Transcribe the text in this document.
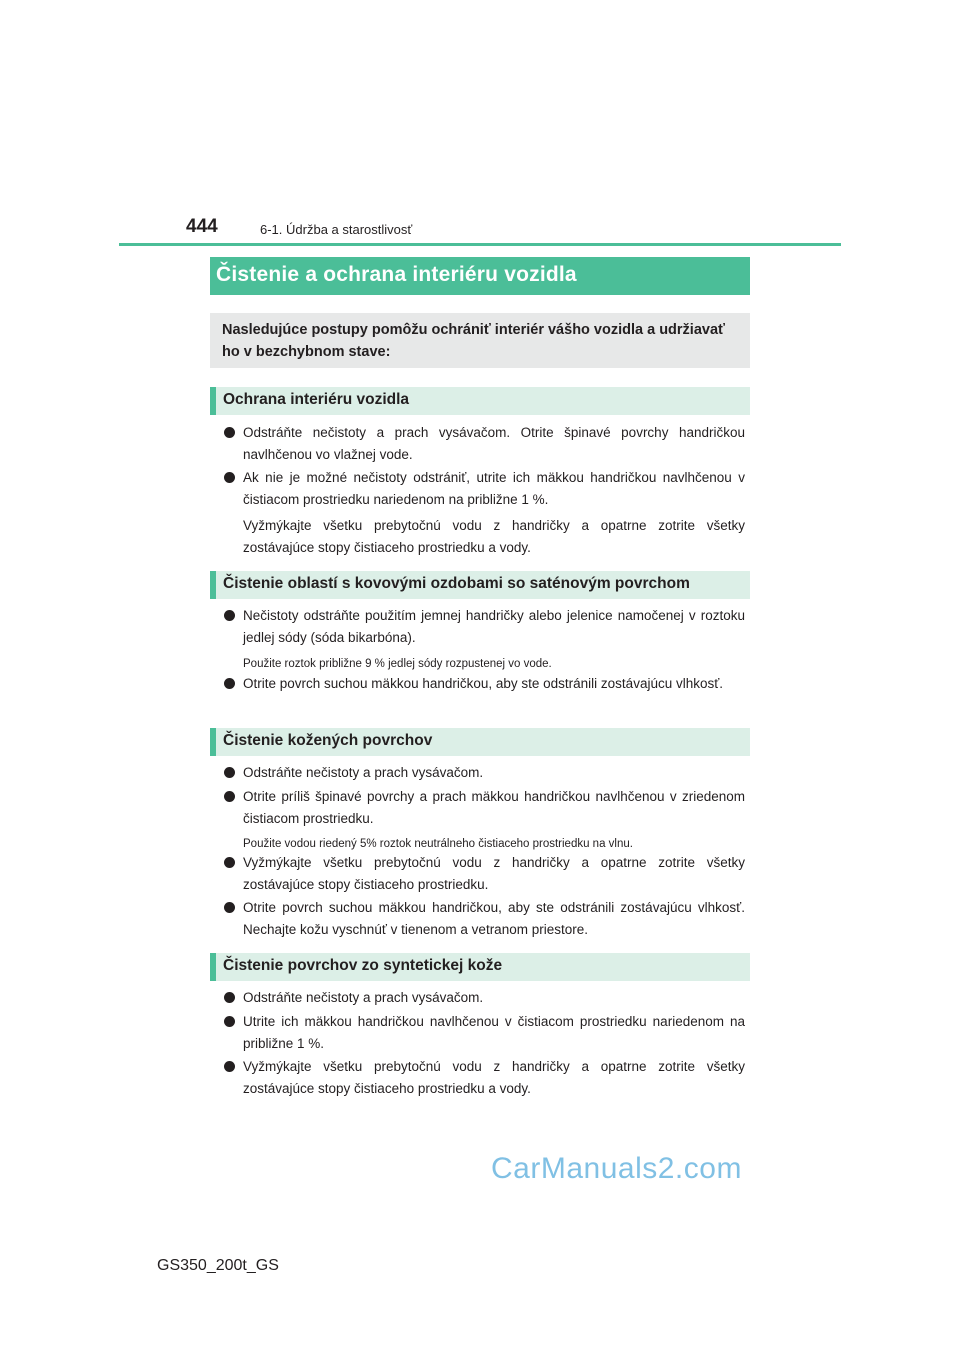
444	6-1. Údržba a starostlivosť
Čistenie a ochrana interiéru vozidla
Nasledujúce postupy pomôžu ochrániť interiér vášho vozidla a udržiavať ho v bezchybnom stave:
Ochrana interiéru vozidla
Odstráňte nečistoty a prach vysávačom. Otrite špinavé povrchy handričkou navlhčenou vo vlažnej vode.
Ak nie je možné nečistoty odstrániť, utrite ich mäkkou handričkou navlhčenou v čistiacom prostriedku nariedenom na približne 1 %.
Vyžmýkajte všetku prebytočnú vodu z handričky a opatrne zotrite všetky zostávajúce stopy čistiaceho prostriedku a vody.
Čistenie oblastí s kovovými ozdobami so saténovým povrchom
Nečistoty odstráňte použitím jemnej handričky alebo jelenice namočenej v roztoku jedlej sódy (sóda bikarbóna).
Použite roztok približne 9 % jedlej sódy rozpustenej vo vode.
Otrite povrch suchou mäkkou handričkou, aby ste odstránili zostávajúcu vlhkosť.
Čistenie kožených povrchov
Odstráňte nečistoty a prach vysávačom.
Otrite príliš špinavé povrchy a prach mäkkou handričkou navlhčenou v zriedenom čistiacom prostriedku.
Použite vodou riedený 5% roztok neutrálneho čistiaceho prostriedku na vlnu.
Vyžmýkajte všetku prebytočnú vodu z handričky a opatrne zotrite všetky zostávajúce stopy čistiaceho prostriedku.
Otrite povrch suchou mäkkou handričkou, aby ste odstránili zostávajúcu vlhkosť. Nechajte kožu vyschnúť v tienenom a vetranom priestore.
Čistenie povrchov zo syntetickej kože
Odstráňte nečistoty a prach vysávačom.
Utrite ich mäkkou handričkou navlhčenou v čistiacom prostriedku nariedenom na približne 1 %.
Vyžmýkajte všetku prebytočnú vodu z handričky a opatrne zotrite všetky zostávajúce stopy čistiaceho prostriedku a vody.
CarManuals2.com
GS350_200t_GS
